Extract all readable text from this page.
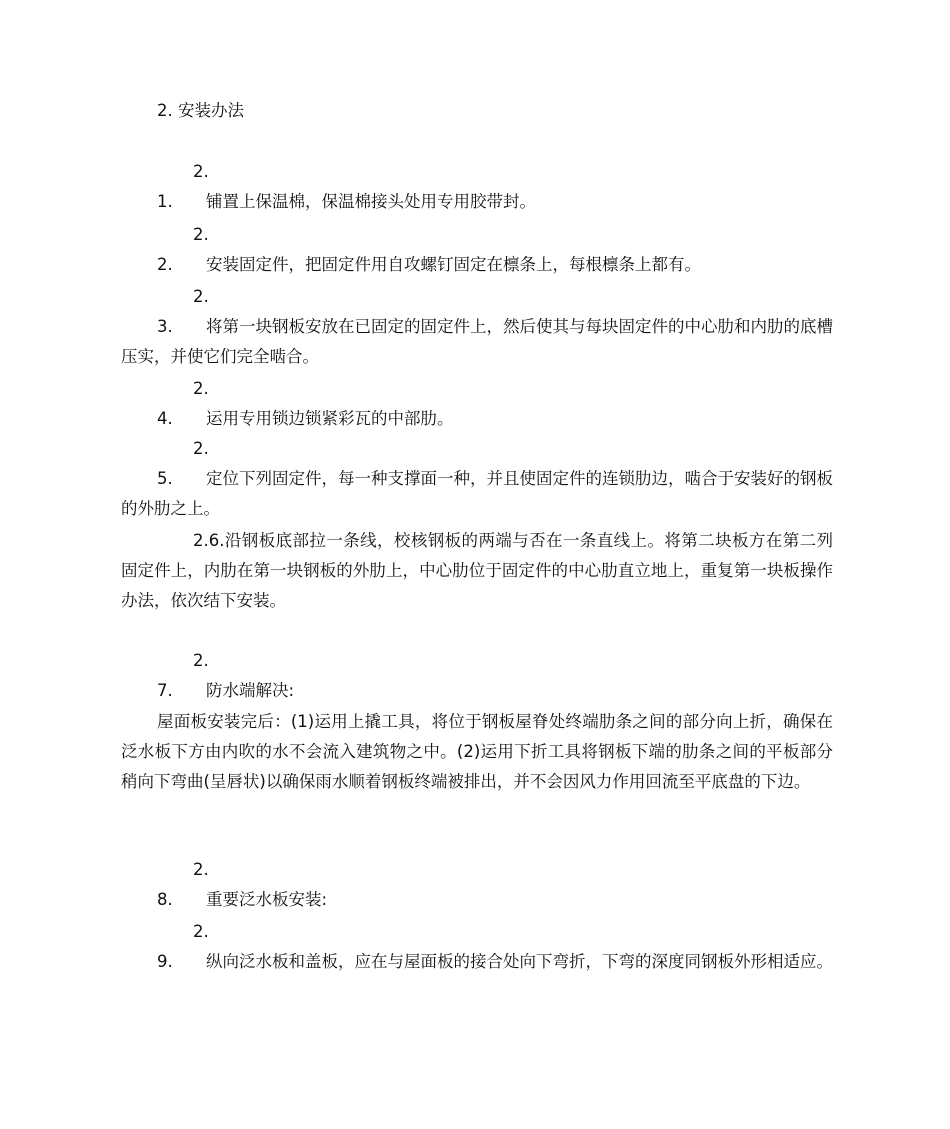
2. 安装办法

2.1. 铺置上保温棉，保温棉接头处用专用胶带封。

2.2. 安装固定件，把固定件用自攻螺钉固定在檩条上，每根檩条上都有。

2.3. 将第一块钢板安放在已固定的固定件上，然后使其与每块固定件的中心肋和内肋的底槽压实，并使它们完全啮合。

2.4. 运用专用锁边锁紧彩瓦的中部肋。

2.5. 定位下列固定件，每一种支撑面一种，并且使固定件的连锁肋边，啮合于安装好的钢板的外肋之上。

2.6.沿钢板底部拉一条线，校核钢板的两端与否在一条直线上。将第二块板方在第二列固定件上，内肋在第一块钢板的外肋上，中心肋位于固定件的中心肋直立地上，重复第一块板操作办法，依次结下安装。

2.7. 防水端解决:

屋面板安装完后：(1)运用上撬工具，将位于钢板屋脊处终端肋条之间的部分向上折，确保在泛水板下方由内吹的水不会流入建筑物之中。(2)运用下折工具将钢板下端的肋条之间的平板部分稍向下弯曲(呈唇状)以确保雨水顺着钢板终端被排出，并不会因风力作用回流至平底盘的下边。

2.8. 重要泛水板安装:

2.9. 纵向泛水板和盖板，应在与屋面板的接合处向下弯折，下弯的深度同钢板外形相适应。
